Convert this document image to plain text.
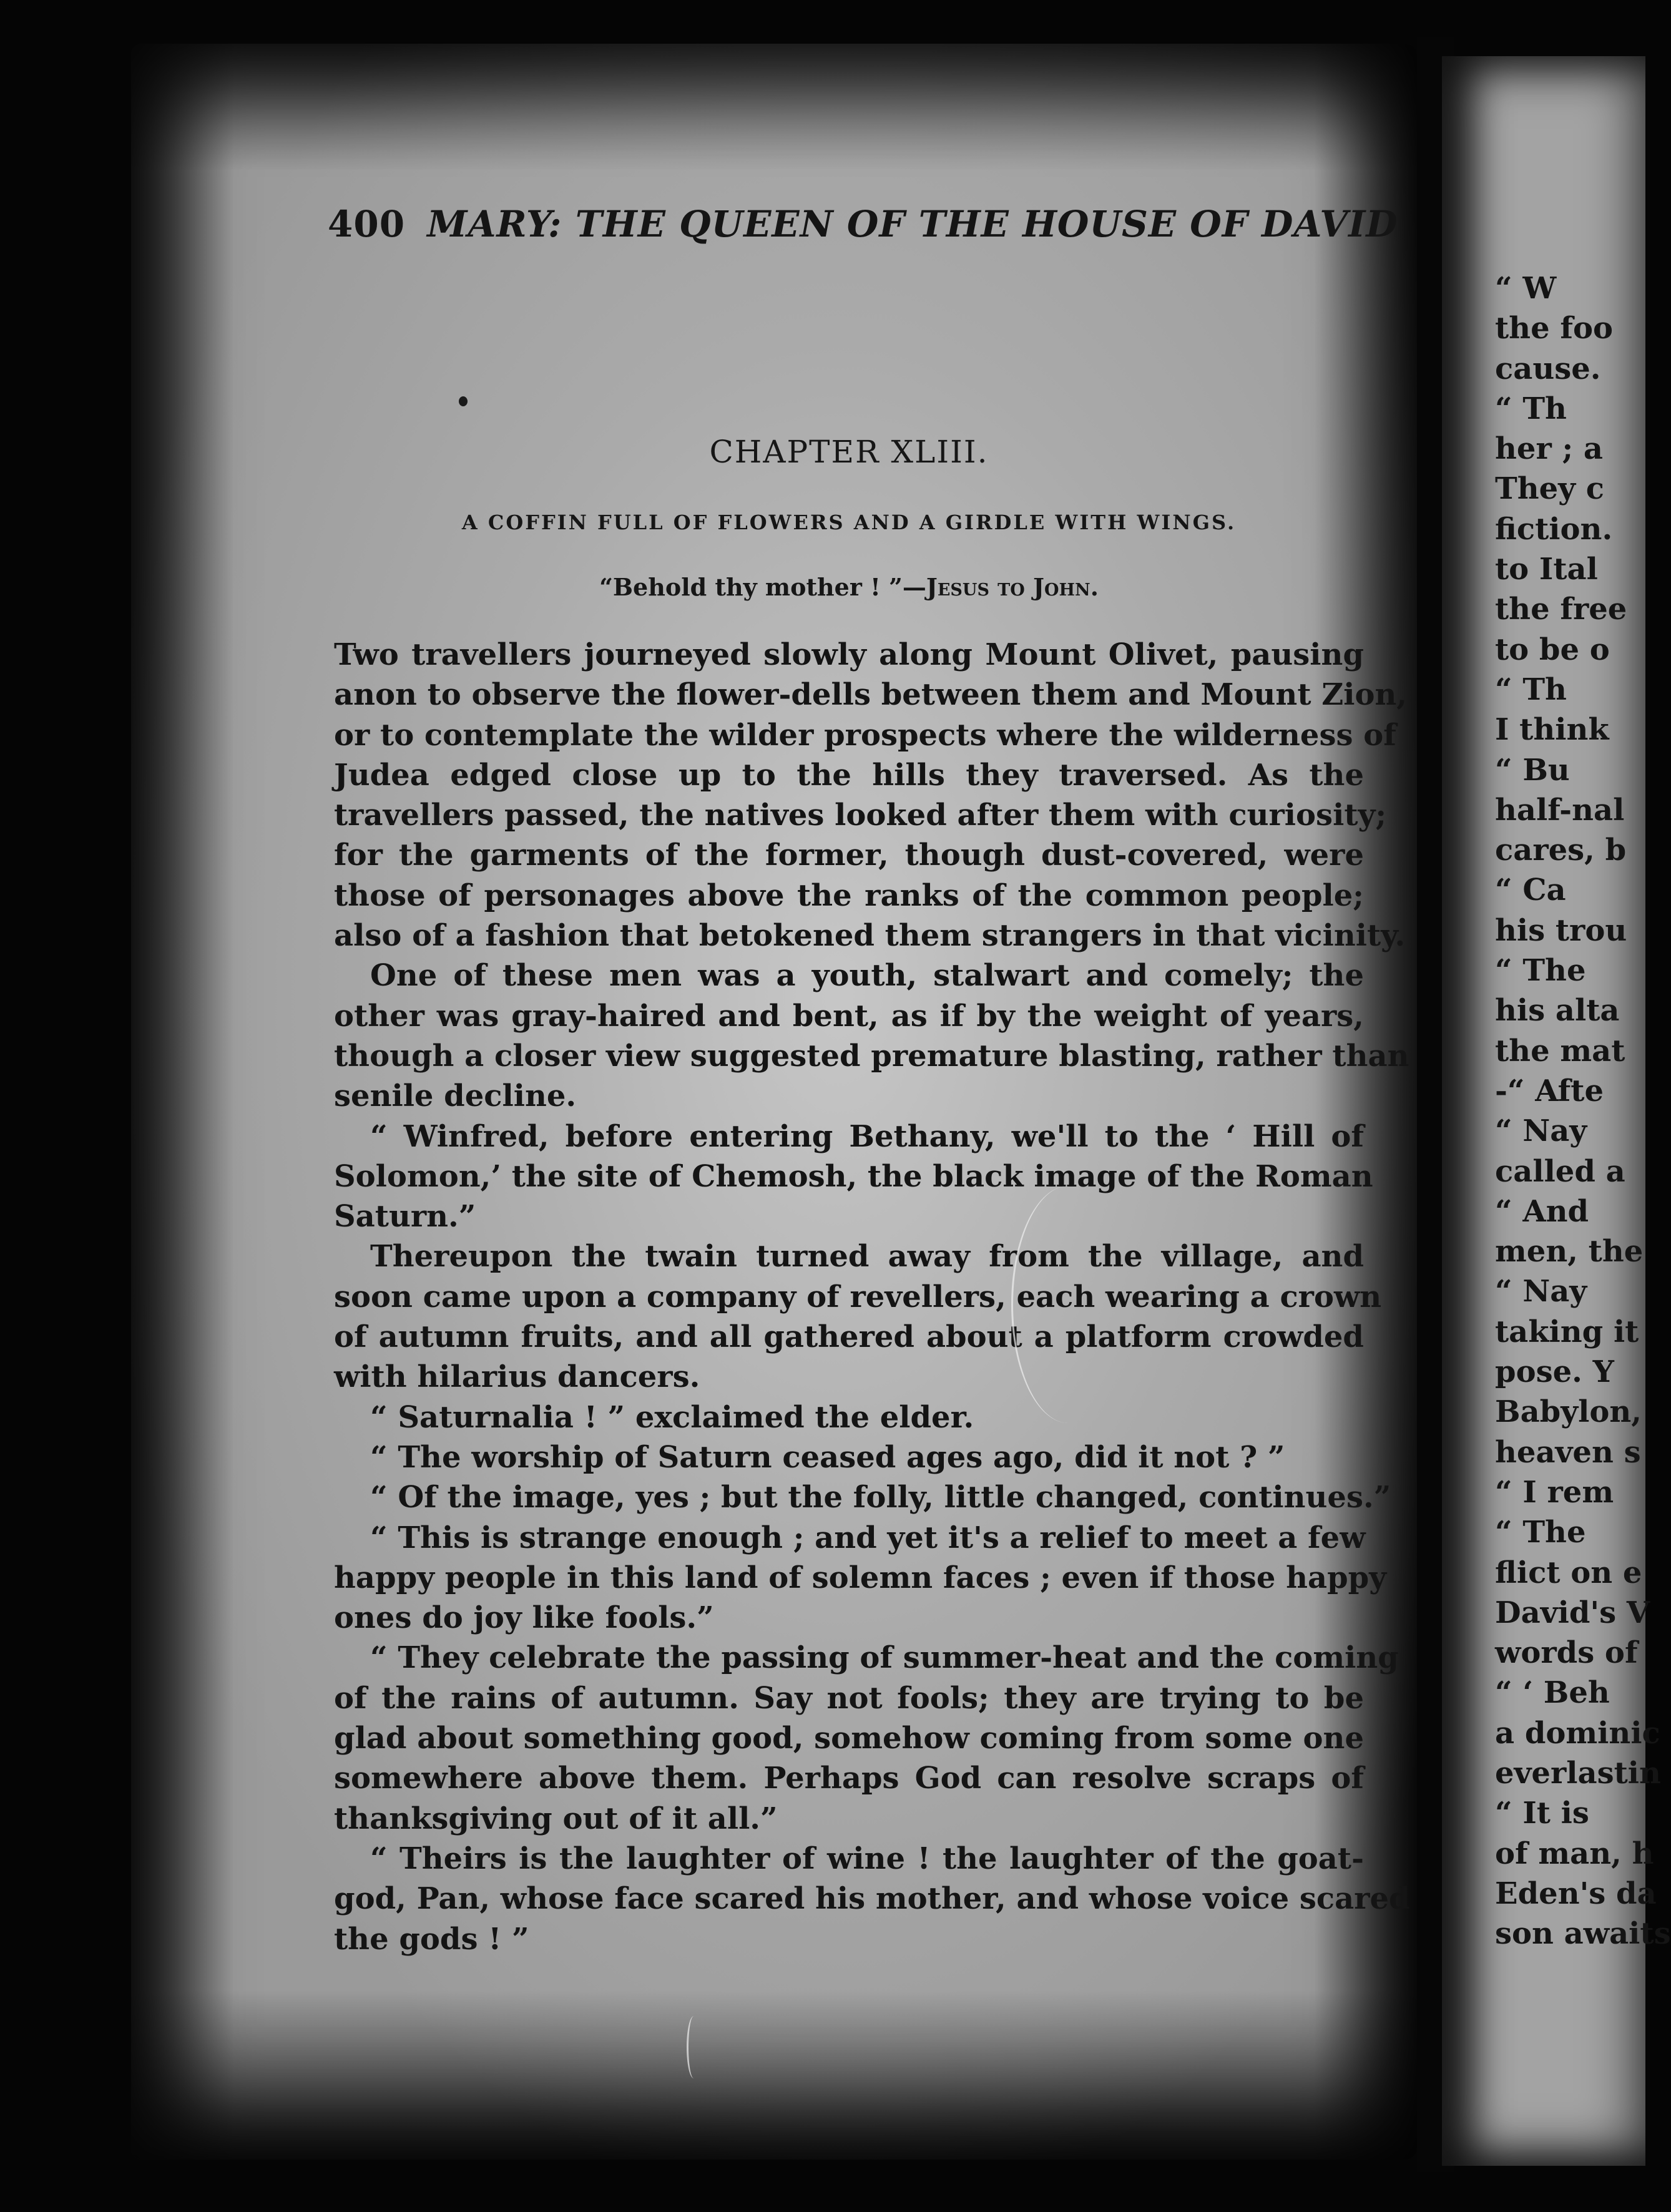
400 MARY: THE QUEEN OF THE HOUSE OF DAVID
CHAPTER XLIII.
A COFFIN FULL OF FLOWERS AND A GIRDLE WITH WINGS.
“Behold thy mother ! ”—Jesus to John.
Two travellers journeyed slowly along Mount Olivet, pausing
anon to observe the flower-dells between them and Mount Zion,
or to contemplate the wilder prospects where the wilderness of
Judea edged close up to the hills they traversed. As the
travellers passed, the natives looked after them with curiosity;
for the garments of the former, though dust-covered, were
those of personages above the ranks of the common people;
also of a fashion that betokened them strangers in that vicinity.
One of these men was a youth, stalwart and comely; the
other was gray-haired and bent, as if by the weight of years,
though a closer view suggested premature blasting, rather than
senile decline.
“ Winfred, before entering Bethany, we'll to the ‘ Hill of
Solomon,’ the site of Chemosh, the black image of the Roman
Saturn.”
Thereupon the twain turned away from the village, and
soon came upon a company of revellers, each wearing a crown
of autumn fruits, and all gathered about a platform crowded
with hilarius dancers.
“ Saturnalia ! ” exclaimed the elder.
“ The worship of Saturn ceased ages ago, did it not ? ”
“ Of the image, yes ; but the folly, little changed, continues.”
“ This is strange enough ; and yet it's a relief to meet a few
happy people in this land of solemn faces ; even if those happy
ones do joy like fools.”
“ They celebrate the passing of summer-heat and the coming
of the rains of autumn. Say not fools; they are trying to be
glad about something good, somehow coming from some one
somewhere above them. Perhaps God can resolve scraps of
thanksgiving out of it all.”
“ Theirs is the laughter of wine ! the laughter of the goat-
god, Pan, whose face scared his mother, and whose voice scared
the gods ! ”
“ W
the foo
cause.
“ Th
her ; a
They c
fiction.
to Ital
the free
to be o
“ Th
I think
“ Bu
half-nal
cares, b
“ Ca
his trou
“ The
his alta
the mat
-“ Afte
“ Nay
called a
“ And
men, the
“ Nay
taking it
pose. Y
Babylon,
heaven s
“ I rem
“ The
flict on e
David's V
words of
“ ‘ Beh
a dominic
everlastin
“ It is
of man, h
Eden's da
son awaits
